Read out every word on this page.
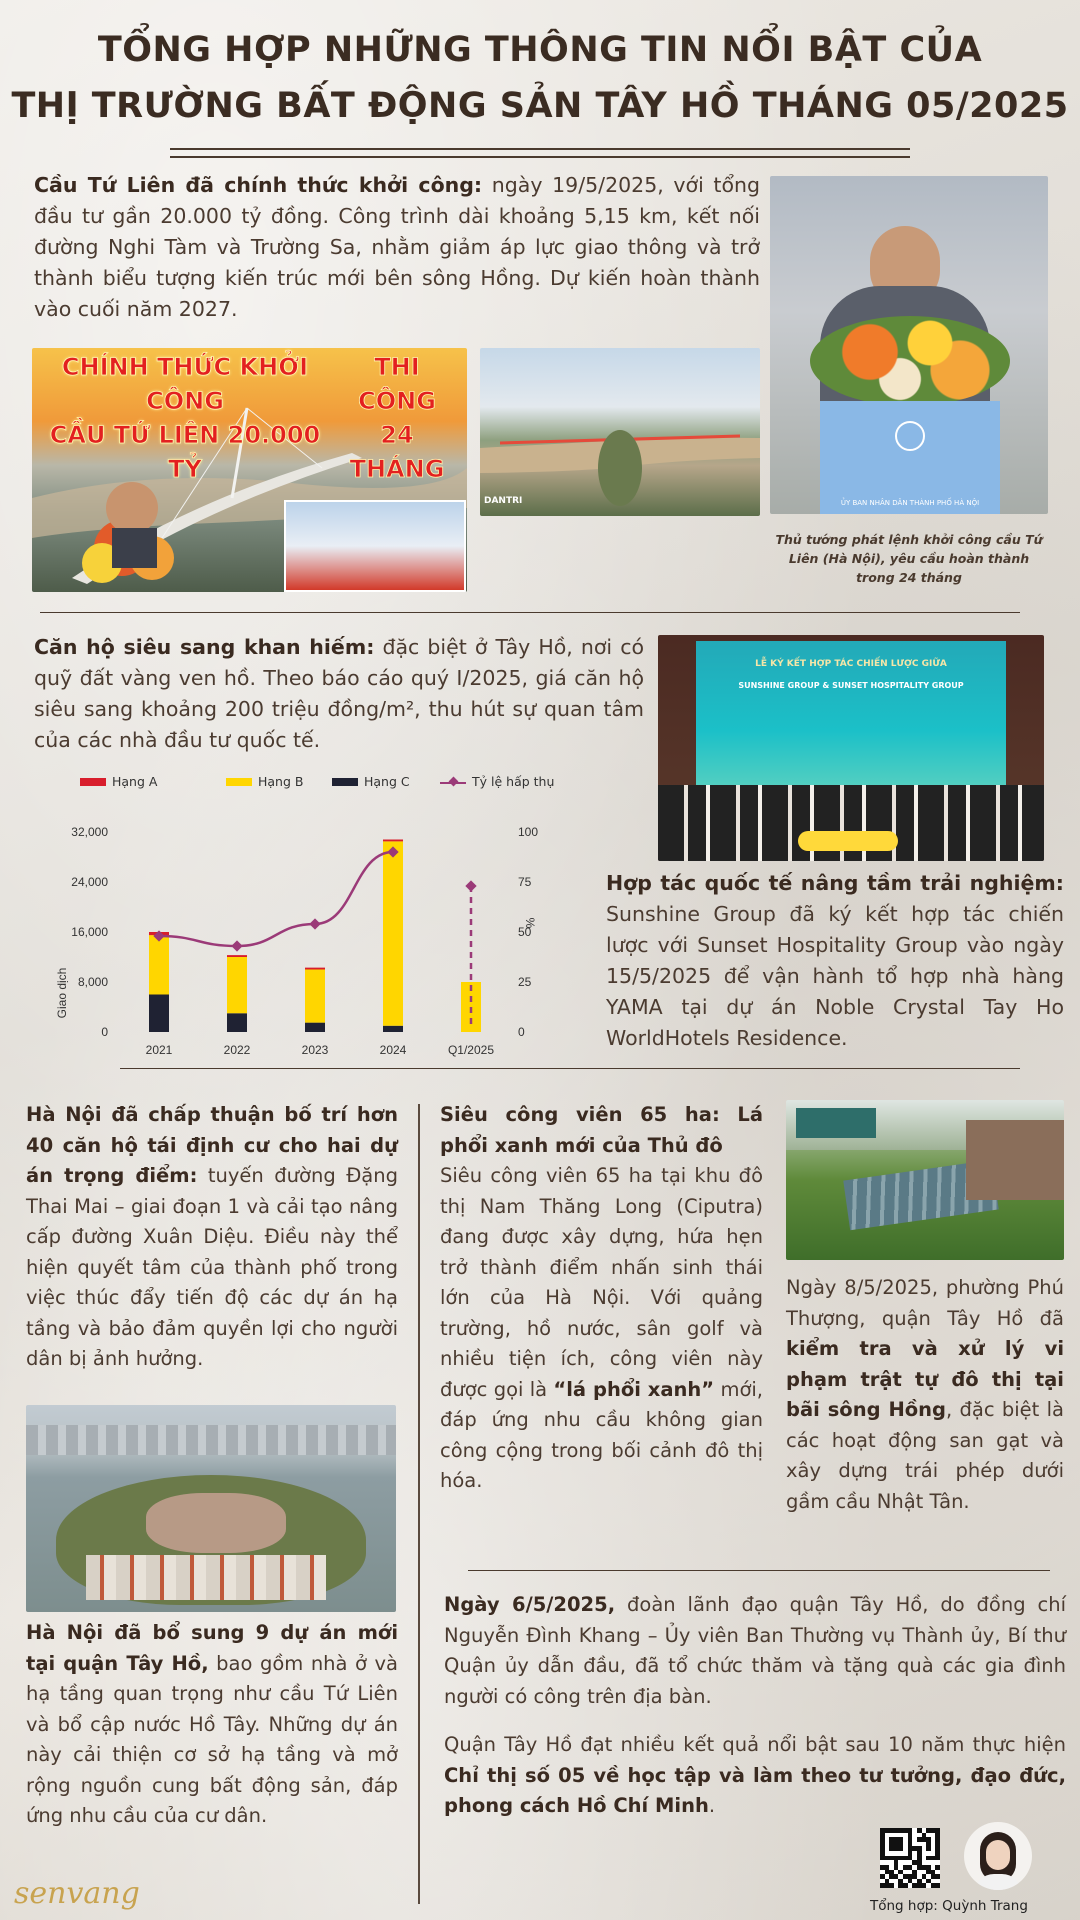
TỔNG HỢP NHỮNG THÔNG TIN NỔI BẬT CỦA
THỊ TRƯỜNG BẤT ĐỘNG SẢN TÂY HỒ THÁNG 05/2025
Cầu Tứ Liên đã chính thức khởi công: ngày 19/5/2025, với tổng đầu tư gần 20.000 tỷ đồng. Công trình dài khoảng 5,15 km, kết nối đường Nghi Tàm và Trường Sa, nhằm giảm áp lực giao thông và trở thành biểu tượng kiến trúc mới bên sông Hồng. Dự kiến hoàn thành vào cuối năm 2027.
CHÍNH THỨC KHỞI CÔNG
CẦU TỨ LIÊN 20.000 TỶ
THI CÔNG
24 THÁNG
DANTRI	ỦY BAN NHÂN DÂN THÀNH PHỐ HÀ NỘI
Thủ tướng phát lệnh khởi công cầu Tứ Liên (Hà Nội), yêu cầu hoàn thành trong 24 tháng
Căn hộ siêu sang khan hiếm: đặc biệt ở Tây Hồ, nơi có quỹ đất vàng ven hồ. Theo báo cáo quý I/2025, giá căn hộ siêu sang khoảng 200 triệu đồng/m², thu hút sự quan tâm của các nhà đầu tư quốc tế.
Hạng A	Hạng B	Hạng C	Tỷ lệ hấp thụ
Giao dịch
%
32,000
24,000
16,000
8,000
0
100
75
50
25
0
2021	2022	2023	2024	Q1/2025
LỄ KÝ KẾT HỢP TÁC CHIẾN LƯỢC GIỮA
SUNSHINE GROUP & SUNSET HOSPITALITY GROUP
Hợp tác quốc tế nâng tầm trải nghiệm: Sunshine Group đã ký kết hợp tác chiến lược với Sunset Hospitality Group vào ngày 15/5/2025 để vận hành tổ hợp nhà hàng YAMA tại dự án Noble Crystal Tay Ho WorldHotels Residence.
Hà Nội đã chấp thuận bố trí hơn 40 căn hộ tái định cư cho hai dự án trọng điểm: tuyến đường Đặng Thai Mai – giai đoạn 1 và cải tạo nâng cấp đường Xuân Diệu. Điều này thể hiện quyết tâm của thành phố trong việc thúc đẩy tiến độ các dự án hạ tầng và bảo đảm quyền lợi cho người dân bị ảnh hưởng.
Hà Nội đã bổ sung 9 dự án mới tại quận Tây Hồ, bao gồm nhà ở và hạ tầng quan trọng như cầu Tứ Liên và bổ cập nước Hồ Tây. Những dự án này cải thiện cơ sở hạ tầng và mở rộng nguồn cung bất động sản, đáp ứng nhu cầu của cư dân.
Siêu công viên 65 ha: Lá phổi xanh mới của Thủ đô
Siêu công viên 65 ha tại khu đô thị Nam Thăng Long (Ciputra) đang được xây dựng, hứa hẹn trở thành điểm nhấn sinh thái lớn của Hà Nội. Với quảng trường, hồ nước, sân golf và nhiều tiện ích, công viên này được gọi là “lá phổi xanh” mới, đáp ứng nhu cầu không gian công cộng trong bối cảnh đô thị hóa.
Ngày 8/5/2025, phường Phú Thượng, quận Tây Hồ đã kiểm tra và xử lý vi phạm trật tự đô thị tại bãi sông Hồng, đặc biệt là các hoạt động san gạt và xây dựng trái phép dưới gầm cầu Nhật Tân.
Ngày 6/5/2025, đoàn lãnh đạo quận Tây Hồ, do đồng chí Nguyễn Đình Khang – Ủy viên Ban Thường vụ Thành ủy, Bí thư Quận ủy dẫn đầu, đã tổ chức thăm và tặng quà các gia đình người có công trên địa bàn.
Quận Tây Hồ đạt nhiều kết quả nổi bật sau 10 năm thực hiện Chỉ thị số 05 về học tập và làm theo tư tưởng, đạo đức, phong cách Hồ Chí Minh.
senvang	Tổng hợp: Quỳnh Trang
